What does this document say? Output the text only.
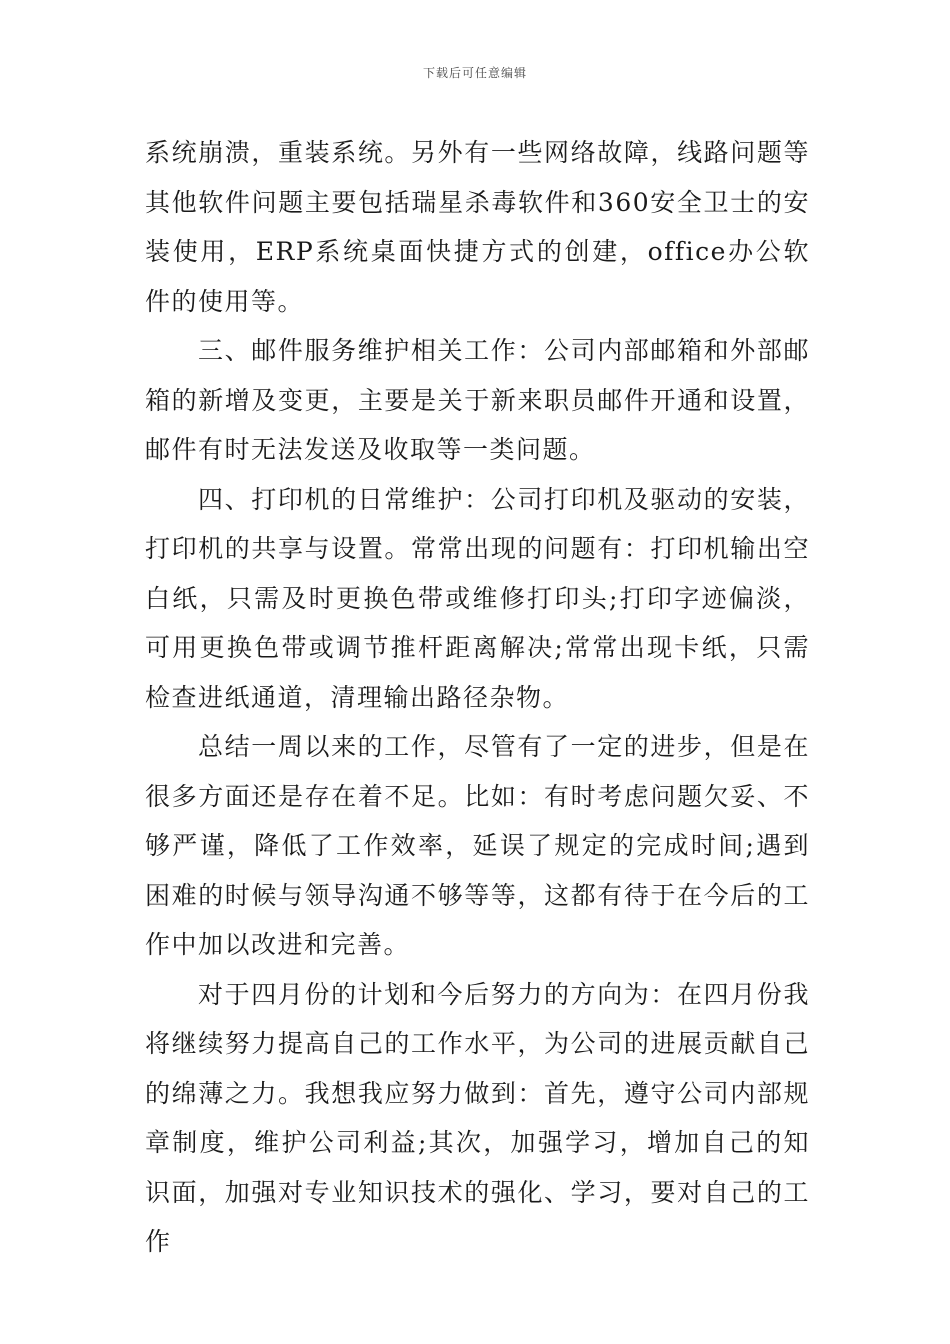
下载后可任意编辑

系统崩溃，重装系统。另外有一些网络故障，线路问题等其他软件问题主要包括瑞星杀毒软件和360安全卫士的安装使用，ERP系统桌面快捷方式的创建，office办公软件的使用等。

三、邮件服务维护相关工作：公司内部邮箱和外部邮箱的新增及变更，主要是关于新来职员邮件开通和设置，邮件有时无法发送及收取等一类问题。

四、打印机的日常维护：公司打印机及驱动的安装，打印机的共享与设置。常常出现的问题有：打印机输出空白纸，只需及时更换色带或维修打印头;打印字迹偏淡，可用更换色带或调节推杆距离解决;常常出现卡纸，只需检查进纸通道，清理输出路径杂物。

总结一周以来的工作，尽管有了一定的进步，但是在很多方面还是存在着不足。比如：有时考虑问题欠妥、不够严谨，降低了工作效率，延误了规定的完成时间;遇到困难的时候与领导沟通不够等等，这都有待于在今后的工作中加以改进和完善。

对于四月份的计划和今后努力的方向为：在四月份我将继续努力提高自己的工作水平，为公司的进展贡献自己的绵薄之力。我想我应努力做到：首先，遵守公司内部规章制度，维护公司利益;其次，加强学习，增加自己的知识面，加强对专业知识技术的强化、学习，要对自己的工作
